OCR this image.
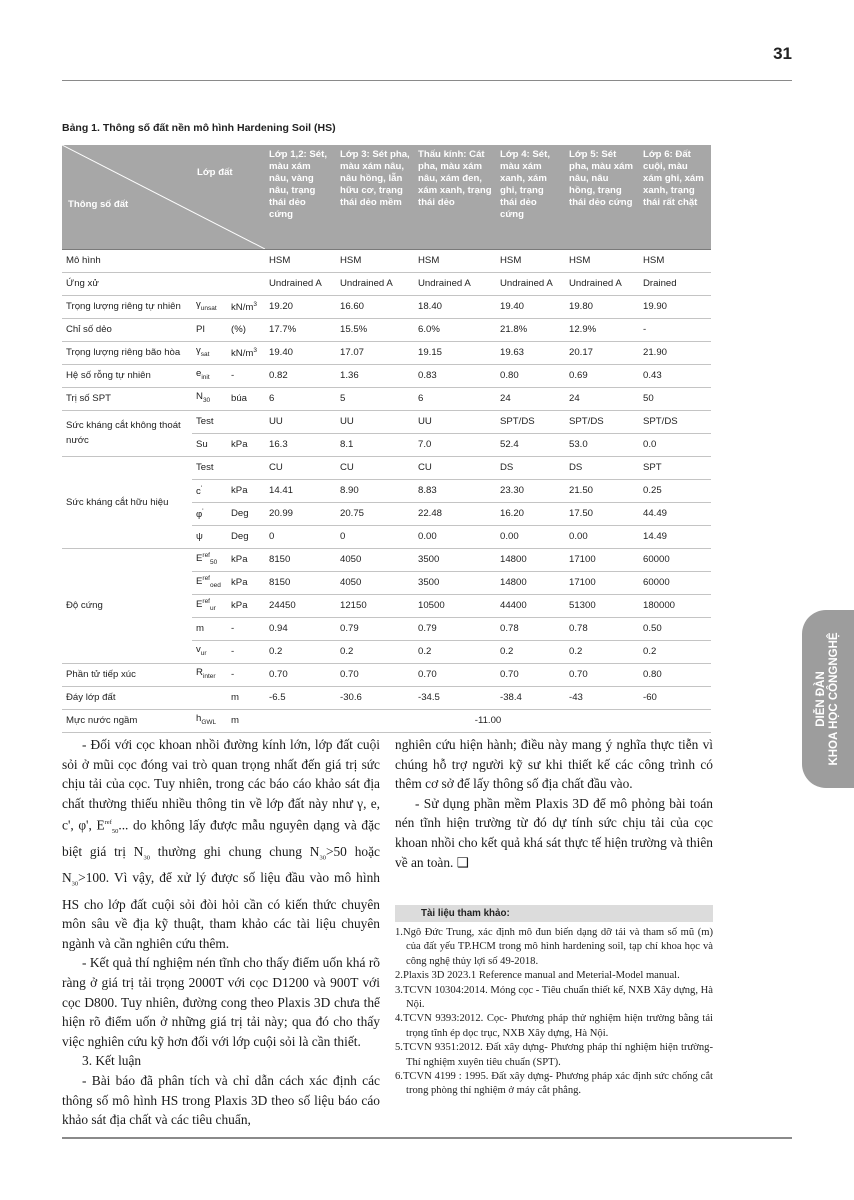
31
Bảng 1. Thông số đất nền mô hình Hardening Soil (HS)
Lớp đất
Thông số đất			Lớp 1,2: Sét, màu xám nâu, vàng nâu, trạng thái dẻo cứng	Lớp 3: Sét pha, màu xám nâu, nâu hồng, lẫn hữu cơ, trạng thái dẻo mềm	Thấu kính: Cát pha, màu xám nâu, xám đen, xám xanh, trạng thái dẻo	Lớp 4: Sét, màu xám xanh, xám ghi, trạng thái dẻo cứng	Lớp 5: Sét pha, màu xám nâu, nâu hồng, trạng thái dẻo cứng	Lớp 6: Đất cuội, màu xám ghi, xám xanh, trạng thái rất chặt
Mô hình			HSM	HSM	HSM	HSM	HSM	HSM
Ứng xử			Undrained A	Undrained A	Undrained A	Undrained A	Undrained A	Drained
Trọng lượng riêng tự nhiên	$\gamma_{unsat}$	$kN/m^3$	19.20	16.60	18.40	19.40	19.80	19.90
Chỉ số dẻo	PI	(%)	17.7%	15.5%	6.0%	21.8%	12.9%	-
Trọng lượng riêng bão hòa	$\gamma_{sat}$	$kN/m^3$	19.40	17.07	19.15	19.63	20.17	21.90
Hệ số rỗng tự nhiên	$e_{init}$	-	0.82	1.36	0.83	0.80	0.69	0.43
Trị số SPT	$N_{30}$	búa	6	5	6	24	24	50
Sức kháng cắt không thoát nước	Test		UU	UU	UU	SPT/DS	SPT/DS	SPT/DS
	Su	kPa	16.3	8.1	7.0	52.4	53.0	0.0
Sức kháng cắt hữu hiệu	Test		CU	CU	CU	DS	DS	SPT
	c'	kPa	14.41	8.90	8.83	23.30	21.50	0.25
	φ'	Deg	20.99	20.75	22.48	16.20	17.50	44.49
	ψ	Deg	0	0	0.00	0.00	0.00	14.49
Độ cứng	$E^{ref}_{50}$	kPa	8150	4050	3500	14800	17100	60000
	$E^{ref}_{oed}$	kPa	8150	4050	3500	14800	17100	60000
	$E^{ref}_{ur}$	kPa	24450	12150	10500	44400	51300	180000
	m	-	0.94	0.79	0.79	0.78	0.78	0.50
	$v_{ur}$	-	0.2	0.2	0.2	0.2	0.2	0.2
Phần tử tiếp xúc	$R_{inter}$	-	0.70	0.70	0.70	0.70	0.70	0.80
Đáy lớp đất		m	-6.5	-30.6	-34.5	-38.4	-43	-60
Mực nước ngầm	$h_{GWL}$	m	-11.00					

- Đối với cọc khoan nhồi đường kính lớn, lớp đất cuội sỏi ở mũi cọc đóng vai trò quan trọng nhất đến giá trị sức chịu tải của cọc. Tuy nhiên, trong các báo cáo khảo sát địa chất thường thiếu nhiều thông tin về lớp đất này như γ, e, c', φ', $E^{ref}_{50}$... do không lấy được mẫu nguyên dạng và đặc biệt giá trị $N_{30}$ thường ghi chung chung $N_{30}>50$ hoặc $N_{30}>100$. Vì vậy, để xử lý được số liệu đầu vào mô hình HS cho lớp đất cuội sỏi đòi hỏi cần có kiến thức chuyên môn sâu về địa kỹ thuật, tham khảo các tài liệu chuyên ngành và cần nghiên cứu thêm.

- Kết quả thí nghiệm nén tĩnh cho thấy điểm uốn khá rõ ràng ở giá trị tải trọng 2000T với cọc D1200 và 900T với cọc D800. Tuy nhiên, đường cong theo Plaxis 3D chưa thể hiện rõ điểm uốn ở những giá trị tải này; qua đó cho thấy việc nghiên cứu kỹ hơn đối với lớp cuội sỏi là cần thiết.

3. Kết luận

- Bài báo đã phân tích và chỉ dẫn cách xác định các thông số mô hình HS trong Plaxis 3D theo số liệu báo cáo khảo sát địa chất và các tiêu chuẩn,

nghiên cứu hiện hành; điều này mang ý nghĩa thực tiễn vì chúng hỗ trợ người kỹ sư khi thiết kế các công trình có thêm cơ sở để lấy thông số địa chất đầu vào.

- Sử dụng phần mềm Plaxis 3D để mô phỏng bài toán nén tĩnh hiện trường từ đó dự tính sức chịu tải của cọc khoan nhồi cho kết quả khá sát thực tế hiện trường và thiên về an toàn. ❑

Tài liệu tham khảo:
1.Ngô Đức Trung, xác định mô đun biến dạng dỡ tải và tham số mũ (m) của đất yếu TP.HCM trong mô hình hardening soil, tạp chí khoa học và công nghệ thủy lợi số 49-2018.
2.Plaxis 3D 2023.1 Reference manual and Meterial-Model manual.
3.TCVN 10304:2014. Móng cọc - Tiêu chuẩn thiết kế, NXB Xây dựng, Hà Nội.
4.TCVN 9393:2012. Cọc- Phương pháp thử nghiệm hiện trường bằng tải trọng tĩnh ép dọc trục, NXB Xây dựng, Hà Nội.
5.TCVN 9351:2012. Đất xây dựng- Phương pháp thí nghiệm hiện trường- Thí nghiệm xuyên tiêu chuẩn (SPT).
6.TCVN 4199 : 1995. Đất xây dựng- Phương pháp xác định sức chống cắt trong phòng thí nghiệm ở máy cắt phẳng.
DIỄN ĐÀN KHOA HỌC CÔNGNGHỆ
